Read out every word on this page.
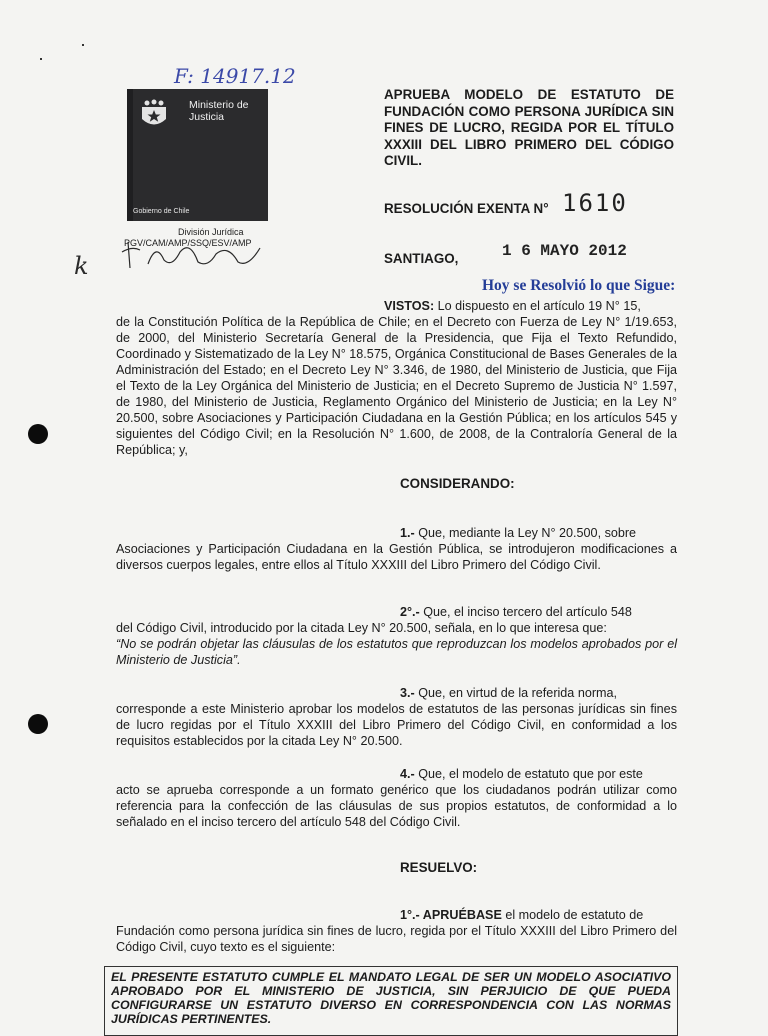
F: 14917.12
Ministerio de
Justicia
Gobierno de Chile
División Jurídica
PGV/CAM/AMP/SSQ/ESV/AMP
k
APRUEBA MODELO DE ESTATUTO DE FUNDACIÓN COMO PERSONA JURÍDICA SIN FINES DE LUCRO, REGIDA POR EL TÍTULO XXXIII DEL LIBRO PRIMERO DEL CÓDIGO CIVIL.
RESOLUCIÓN EXENTA N° 1610
SANTIAGO,	1 6 MAYO 2012
Hoy se Resolvió lo que Sigue:
VISTOS: Lo dispuesto en el artículo 19 N° 15,
de la Constitución Política de la República de Chile; en el Decreto con Fuerza de Ley N° 1/19.653, de 2000, del Ministerio Secretaría General de la Presidencia, que Fija el Texto Refundido, Coordinado y Sistematizado de la Ley N° 18.575, Orgánica Constitucional de Bases Generales de la Administración del Estado; en el Decreto Ley N° 3.346, de 1980, del Ministerio de Justicia, que Fija el Texto de la Ley Orgánica del Ministerio de Justicia; en el Decreto Supremo de Justicia N° 1.597, de 1980, del Ministerio de Justicia, Reglamento Orgánico del Ministerio de Justicia; en la Ley N° 20.500, sobre Asociaciones y Participación Ciudadana en la Gestión Pública; en los artículos 545 y siguientes del Código Civil; en la Resolución N° 1.600, de 2008, de la Contraloría General de la República; y,
CONSIDERANDO:
1.- Que, mediante la Ley N° 20.500, sobre
Asociaciones y Participación Ciudadana en la Gestión Pública, se introdujeron modificaciones a diversos cuerpos legales, entre ellos al Título XXXIII del Libro Primero del Código Civil.
2°.- Que, el inciso tercero del artículo 548
del Código Civil, introducido por la citada Ley N° 20.500, señala, en lo que interesa que:
“No se podrán objetar las cláusulas de los estatutos que reproduzcan los modelos aprobados por el Ministerio de Justicia”.
3.- Que, en virtud de la referida norma,
corresponde a este Ministerio aprobar los modelos de estatutos de las personas jurídicas sin fines de lucro regidas por el Título XXXIII del Libro Primero del Código Civil, en conformidad a los requisitos establecidos por la citada Ley N° 20.500.
4.- Que, el modelo de estatuto que por este
acto se aprueba corresponde a un formato genérico que los ciudadanos podrán utilizar como referencia para la confección de las cláusulas de sus propios estatutos, de conformidad a lo señalado en el inciso tercero del artículo 548 del Código Civil.
RESUELVO:
1°.- APRUÉBASE el modelo de estatuto de
Fundación como persona jurídica sin fines de lucro, regida por el Título XXXIII del Libro Primero del Código Civil, cuyo texto es el siguiente:
EL PRESENTE ESTATUTO CUMPLE EL MANDATO LEGAL DE SER UN MODELO ASOCIATIVO APROBADO POR EL MINISTERIO DE JUSTICIA, SIN PERJUICIO DE QUE PUEDA CONFIGURARSE UN ESTATUTO DIVERSO EN CORRESPONDENCIA CON LAS NORMAS JURÍDICAS PERTINENTES.
